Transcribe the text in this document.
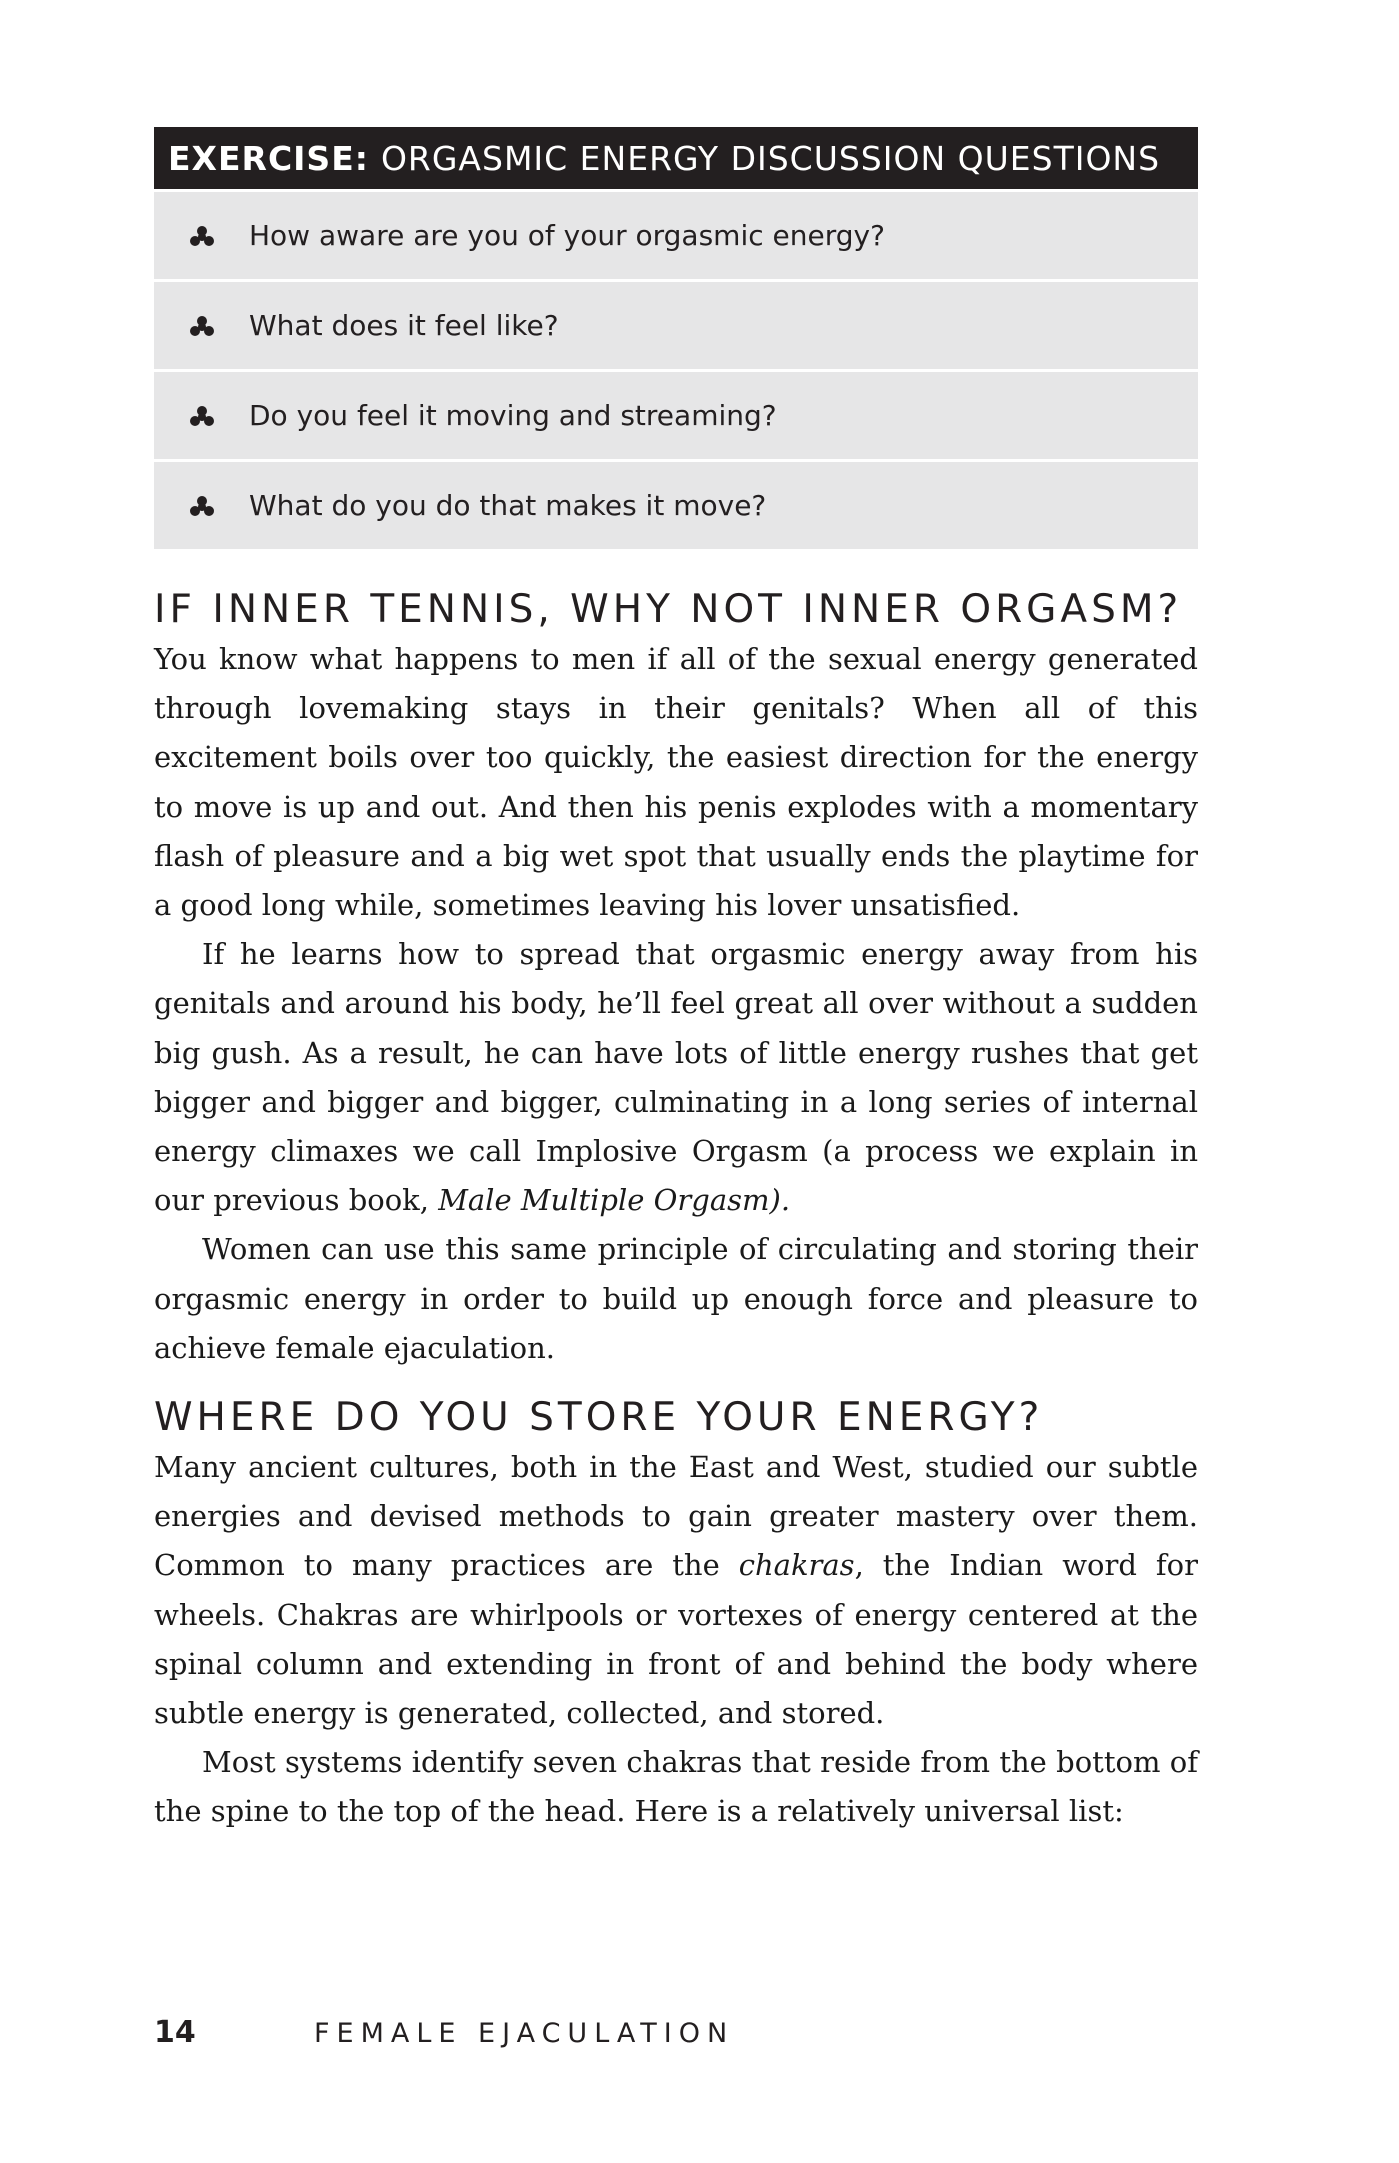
EXERCISE: ORGASMIC ENERGY DISCUSSION QUESTIONS
How aware are you of your orgasmic energy?
What does it feel like?
Do you feel it moving and streaming?
What do you do that makes it move?
IF INNER TENNIS, WHY NOT INNER ORGASM?

You know what happens to men if all of the sexual energy generated through lovemaking stays in their genitals? When all of this excitement boils over too quickly, the easiest direction for the energy to move is up and out. And then his penis explodes with a momentary flash of pleasure and a big wet spot that usually ends the playtime for a good long while, sometimes leaving his lover unsatisfied.

If he learns how to spread that orgasmic energy away from his genitals and around his body, he’ll feel great all over without a sudden big gush. As a result, he can have lots of little energy rushes that get bigger and bigger and bigger, culminating in a long series of internal energy climaxes we call Implosive Orgasm (a process we explain in our previous book, Male Multiple Orgasm).

Women can use this same principle of circulating and storing their orgasmic energy in order to build up enough force and pleasure to achieve female ejaculation.

WHERE DO YOU STORE YOUR ENERGY?

Many ancient cultures, both in the East and West, studied our subtle energies and devised methods to gain greater mastery over them. Common to many practices are the chakras, the Indian word for wheels. Chakras are whirlpools or vortexes of energy centered at the spinal column and extending in front of and behind the body where subtle energy is generated, collected, and stored.

Most systems identify seven chakras that reside from the bottom of the spine to the top of the head. Here is a relatively universal list:

14	FEMALE EJACULATION
